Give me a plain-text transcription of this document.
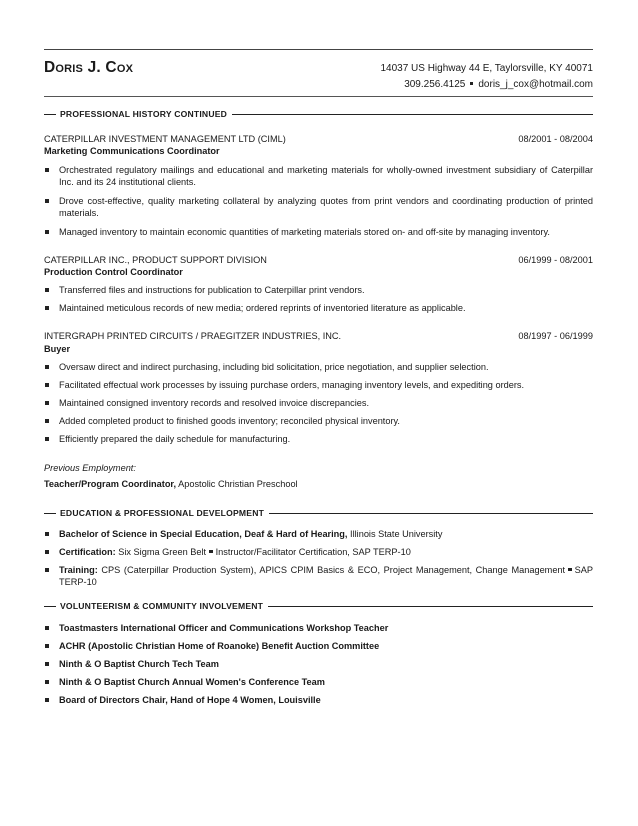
Doris J. Cox	14037 US Highway 44 E, Taylorsville, KY 40071
309.256.4125 doris_j_cox@hotmail.com
PROFESSIONAL HISTORY CONTINUED
CATERPILLAR INVESTMENT MANAGEMENT LTD (CIML)	08/2001 - 08/2004
Marketing Communications Coordinator
Orchestrated regulatory mailings and educational and marketing materials for wholly-owned investment subsidiary of Caterpillar Inc. and its 24 institutional clients.
Drove cost-effective, quality marketing collateral by analyzing quotes from print vendors and coordinating production of printed materials.
Managed inventory to maintain economic quantities of marketing materials stored on- and off-site by managing inventory.
CATERPILLAR INC., PRODUCT SUPPORT DIVISION	06/1999 - 08/2001
Production Control Coordinator
Transferred files and instructions for publication to Caterpillar print vendors.
Maintained meticulous records of new media; ordered reprints of inventoried literature as applicable.
INTERGRAPH PRINTED CIRCUITS / PRAEGITZER INDUSTRIES, INC.	08/1997 - 06/1999
Buyer
Oversaw direct and indirect purchasing, including bid solicitation, price negotiation, and supplier selection.
Facilitated effectual work processes by issuing purchase orders, managing inventory levels, and expediting orders.
Maintained consigned inventory records and resolved invoice discrepancies.
Added completed product to finished goods inventory; reconciled physical inventory.
Efficiently prepared the daily schedule for manufacturing.
Previous Employment:
Teacher/Program Coordinator, Apostolic Christian Preschool
EDUCATION & PROFESSIONAL DEVELOPMENT
Bachelor of Science in Special Education, Deaf & Hard of Hearing, Illinois State University
Certification: Six Sigma Green Belt Instructor/Facilitator Certification, SAP TERP-10
Training: CPS (Caterpillar Production System), APICS CPIM Basics & ECO, Project Management, Change Management SAP TERP-10
VOLUNTEERISM & COMMUNITY INVOLVEMENT
Toastmasters International Officer and Communications Workshop Teacher
ACHR (Apostolic Christian Home of Roanoke) Benefit Auction Committee
Ninth & O Baptist Church Tech Team
Ninth & O Baptist Church Annual Women's Conference Team
Board of Directors Chair, Hand of Hope 4 Women, Louisville
